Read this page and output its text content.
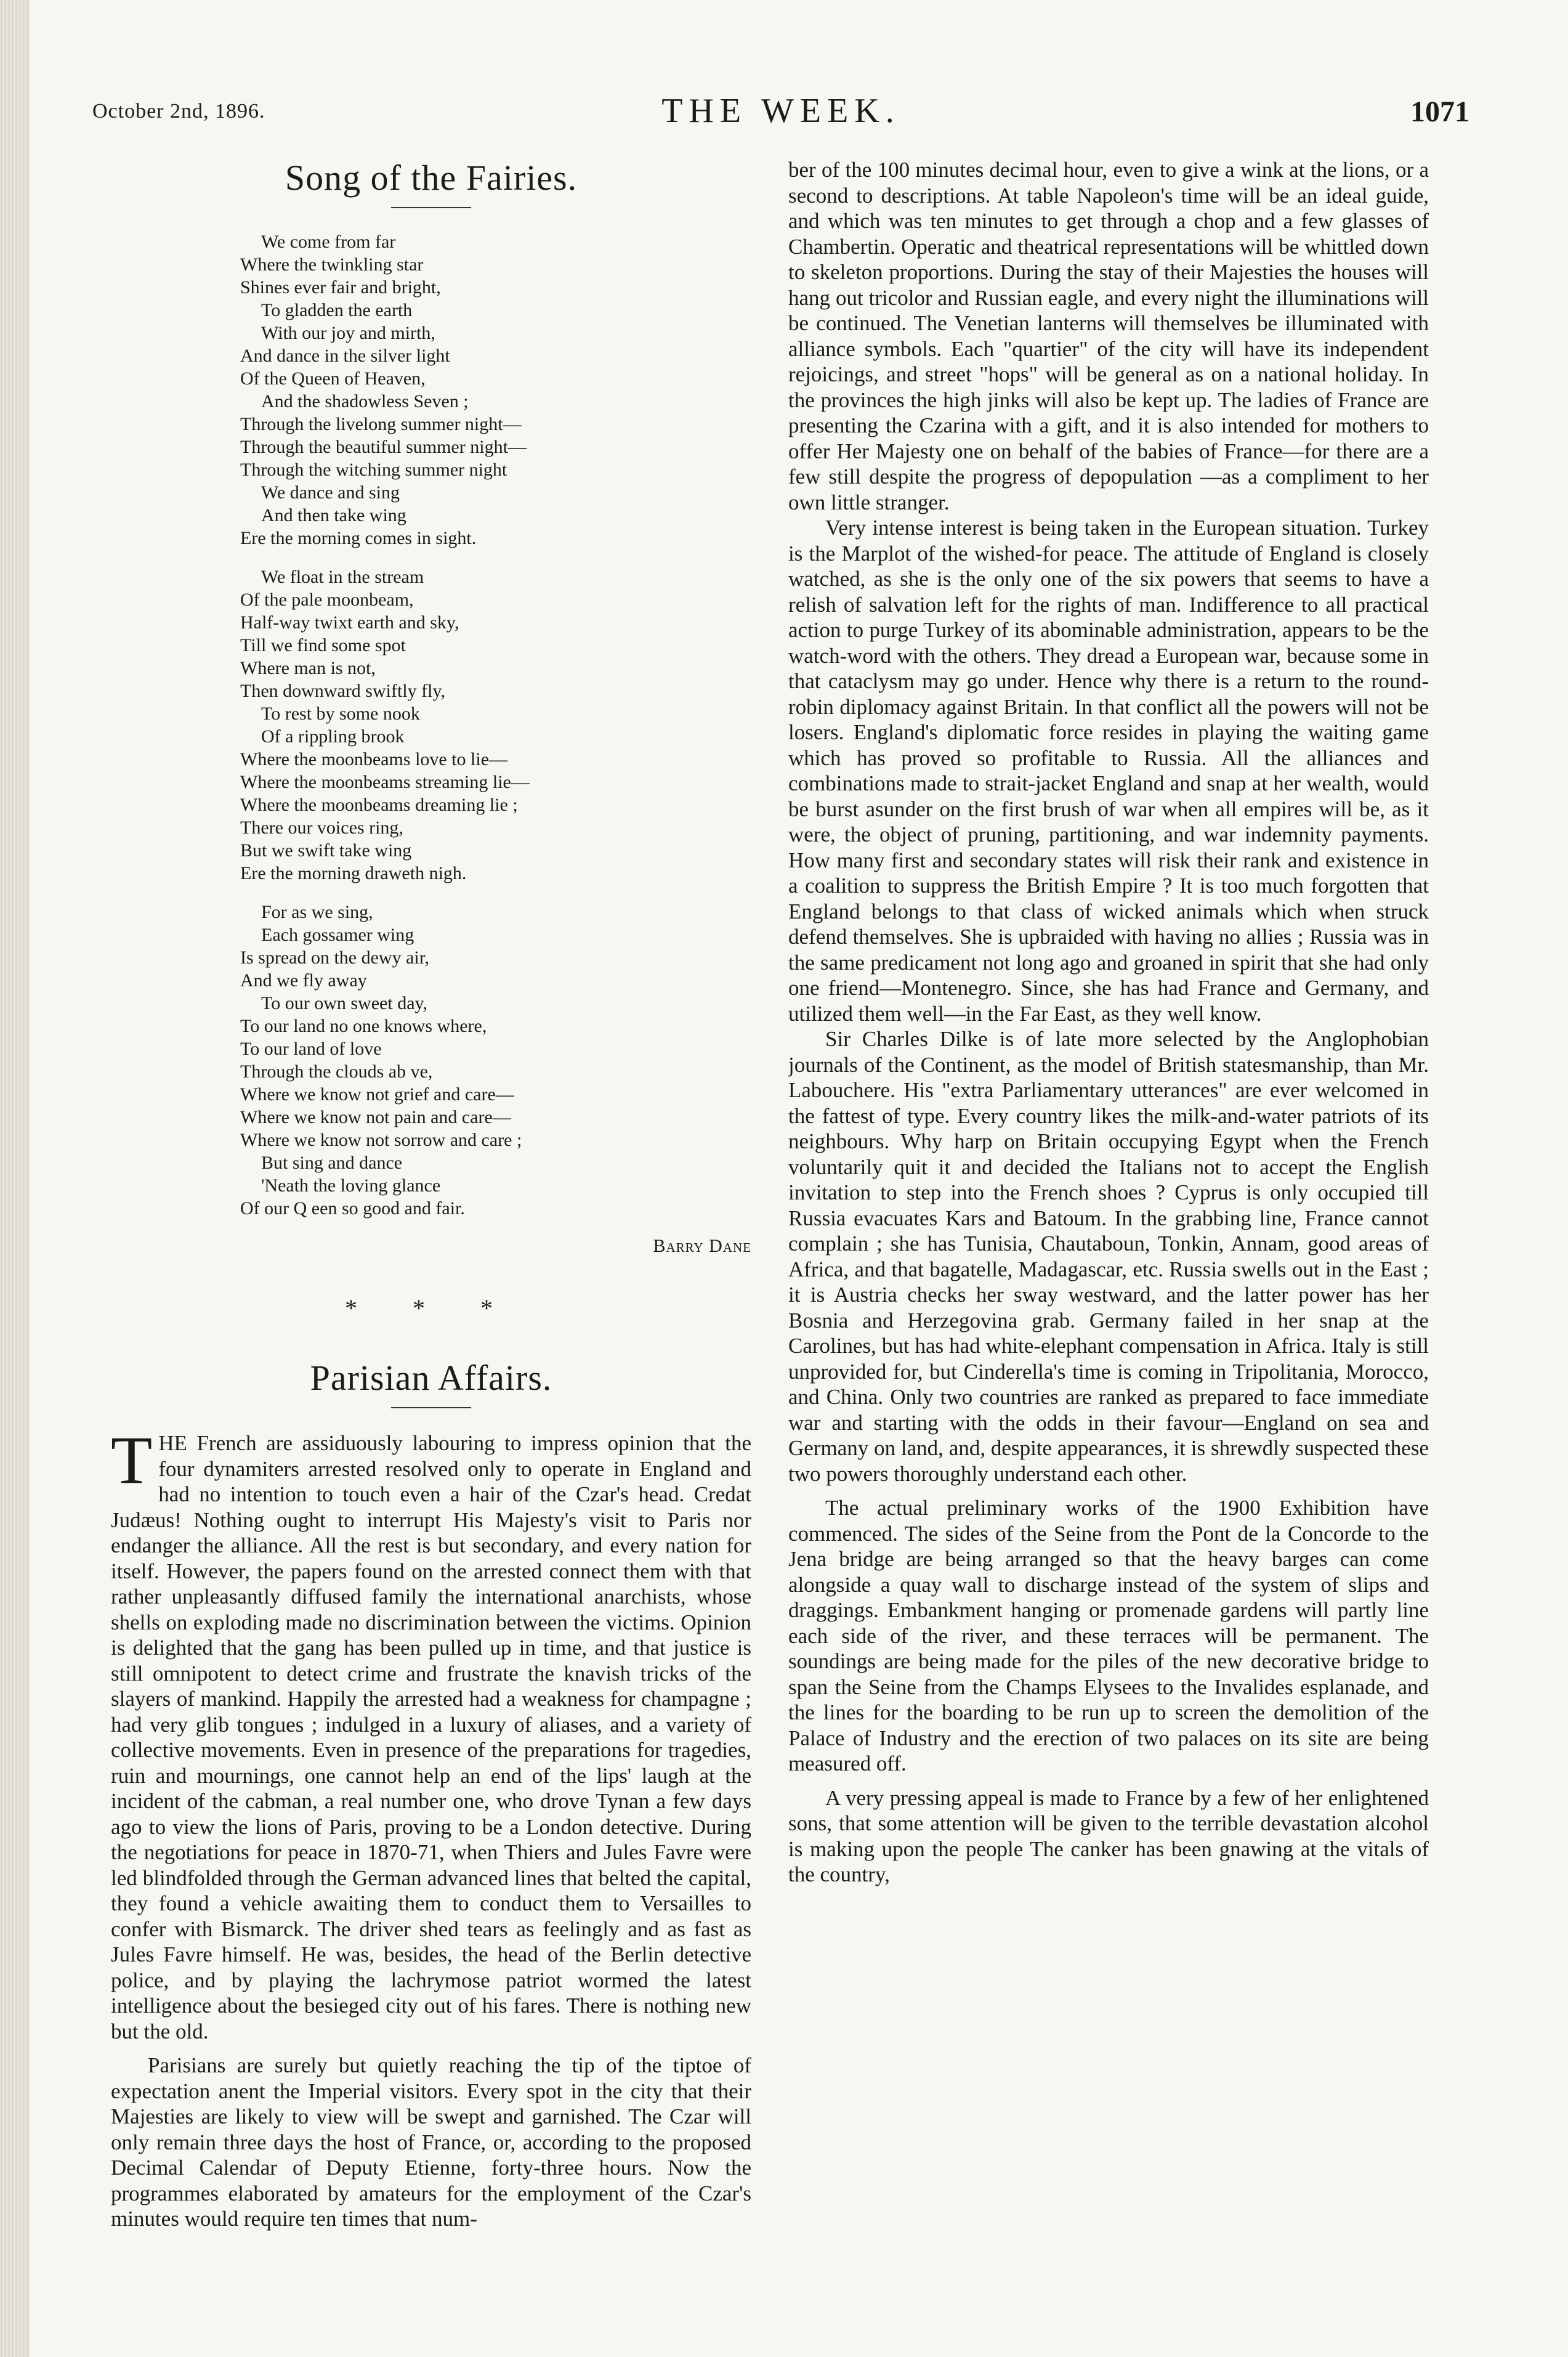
October 2nd, 1896.	THE WEEK.	1071
Song of the Fairies.
We come from far
Where the twinkling star
Shines ever fair and bright,
To gladden the earth
With our joy and mirth,
And dance in the silver light
Of the Queen of Heaven,
And the shadowless Seven ;
Through the livelong summer night—
Through the beautiful summer night—
Through the witching summer night
We dance and sing
And then take wing
Ere the morning comes in sight.
We float in the stream
Of the pale moonbeam,
Half-way twixt earth and sky,
Till we find some spot
Where man is not,
Then downward swiftly fly,
To rest by some nook
Of a rippling brook
Where the moonbeams love to lie—
Where the moonbeams streaming lie—
Where the moonbeams dreaming lie ;
There our voices ring,
But we swift take wing
Ere the morning draweth nigh.
For as we sing,
Each gossamer wing
Is spread on the dewy air,
And we fly away
To our own sweet day,
To our land no one knows where,
To our land of love
Through the clouds ab ve,
Where we know not grief and care—
Where we know not pain and care—
Where we know not sorrow and care ;
But sing and dance
'Neath the loving glance
Of our Q een so good and fair.
Barry Dane
* * *
Parisian Affairs.

THE French are assiduously labouring to impress opinion that the four dynamiters arrested resolved only to operate in England and had no intention to touch even a hair of the Czar's head. Credat Judæus! Nothing ought to interrupt His Majesty's visit to Paris nor endanger the alliance. All the rest is but secondary, and every nation for itself. However, the papers found on the arrested connect them with that rather unpleasantly diffused family the international anarchists, whose shells on exploding made no discrimination between the victims. Opinion is delighted that the gang has been pulled up in time, and that justice is still omnipotent to detect crime and frustrate the knavish tricks of the slayers of mankind. Happily the arrested had a weakness for champagne ; had very glib tongues ; indulged in a luxury of aliases, and a variety of collective movements. Even in presence of the preparations for tragedies, ruin and mournings, one cannot help an end of the lips' laugh at the incident of the cabman, a real number one, who drove Tynan a few days ago to view the lions of Paris, proving to be a London detective. During the negotiations for peace in 1870-71, when Thiers and Jules Favre were led blindfolded through the German advanced lines that belted the capital, they found a vehicle awaiting them to conduct them to Versailles to confer with Bismarck. The driver shed tears as feelingly and as fast as Jules Favre himself. He was, besides, the head of the Berlin detective police, and by playing the lachrymose patriot wormed the latest intelligence about the besieged city out of his fares. There is nothing new but the old.

Parisians are surely but quietly reaching the tip of the tiptoe of expectation anent the Imperial visitors. Every spot in the city that their Majesties are likely to view will be swept and garnished. The Czar will only remain three days the host of France, or, according to the proposed Decimal Calendar of Deputy Etienne, forty-three hours. Now the programmes elaborated by amateurs for the employment of the Czar's minutes would require ten times that num-

ber of the 100 minutes decimal hour, even to give a wink at the lions, or a second to descriptions. At table Napoleon's time will be an ideal guide, and which was ten minutes to get through a chop and a few glasses of Chambertin. Operatic and theatrical representations will be whittled down to skeleton proportions. During the stay of their Majesties the houses will hang out tricolor and Russian eagle, and every night the illuminations will be continued. The Venetian lanterns will themselves be illuminated with alliance symbols. Each "quartier" of the city will have its independent rejoicings, and street "hops" will be general as on a national holiday. In the provinces the high jinks will also be kept up. The ladies of France are presenting the Czarina with a gift, and it is also intended for mothers to offer Her Majesty one on behalf of the babies of France—for there are a few still despite the progress of depopulation —as a compliment to her own little stranger.

Very intense interest is being taken in the European situation. Turkey is the Marplot of the wished-for peace. The attitude of England is closely watched, as she is the only one of the six powers that seems to have a relish of salvation left for the rights of man. Indifference to all practical action to purge Turkey of its abominable administration, appears to be the watch-word with the others. They dread a European war, because some in that cataclysm may go under. Hence why there is a return to the round-robin diplomacy against Britain. In that conflict all the powers will not be losers. England's diplomatic force resides in playing the waiting game which has proved so profitable to Russia. All the alliances and combinations made to strait-jacket England and snap at her wealth, would be burst asunder on the first brush of war when all empires will be, as it were, the object of pruning, partitioning, and war indemnity payments. How many first and secondary states will risk their rank and existence in a coalition to suppress the British Empire ? It is too much forgotten that England belongs to that class of wicked animals which when struck defend themselves. She is upbraided with having no allies ; Russia was in the same predicament not long ago and groaned in spirit that she had only one friend—Montenegro. Since, she has had France and Germany, and utilized them well—in the Far East, as they well know.

Sir Charles Dilke is of late more selected by the Anglophobian journals of the Continent, as the model of British statesmanship, than Mr. Labouchere. His "extra Parliamentary utterances" are ever welcomed in the fattest of type. Every country likes the milk-and-water patriots of its neighbours. Why harp on Britain occupying Egypt when the French voluntarily quit it and decided the Italians not to accept the English invitation to step into the French shoes ? Cyprus is only occupied till Russia evacuates Kars and Batoum. In the grabbing line, France cannot complain ; she has Tunisia, Chautaboun, Tonkin, Annam, good areas of Africa, and that bagatelle, Madagascar, etc. Russia swells out in the East ; it is Austria checks her sway westward, and the latter power has her Bosnia and Herzegovina grab. Germany failed in her snap at the Carolines, but has had white-elephant compensation in Africa. Italy is still unprovided for, but Cinderella's time is coming in Tripolitania, Morocco, and China. Only two countries are ranked as prepared to face immediate war and starting with the odds in their favour—England on sea and Germany on land, and, despite appearances, it is shrewdly suspected these two powers thoroughly understand each other.

The actual preliminary works of the 1900 Exhibition have commenced. The sides of the Seine from the Pont de la Concorde to the Jena bridge are being arranged so that the heavy barges can come alongside a quay wall to discharge instead of the system of slips and draggings. Embankment hanging or promenade gardens will partly line each side of the river, and these terraces will be permanent. The soundings are being made for the piles of the new decorative bridge to span the Seine from the Champs Elysees to the Invalides esplanade, and the lines for the boarding to be run up to screen the demolition of the Palace of Industry and the erection of two palaces on its site are being measured off.

A very pressing appeal is made to France by a few of her enlightened sons, that some attention will be given to the terrible devastation alcohol is making upon the people The canker has been gnawing at the vitals of the country,
